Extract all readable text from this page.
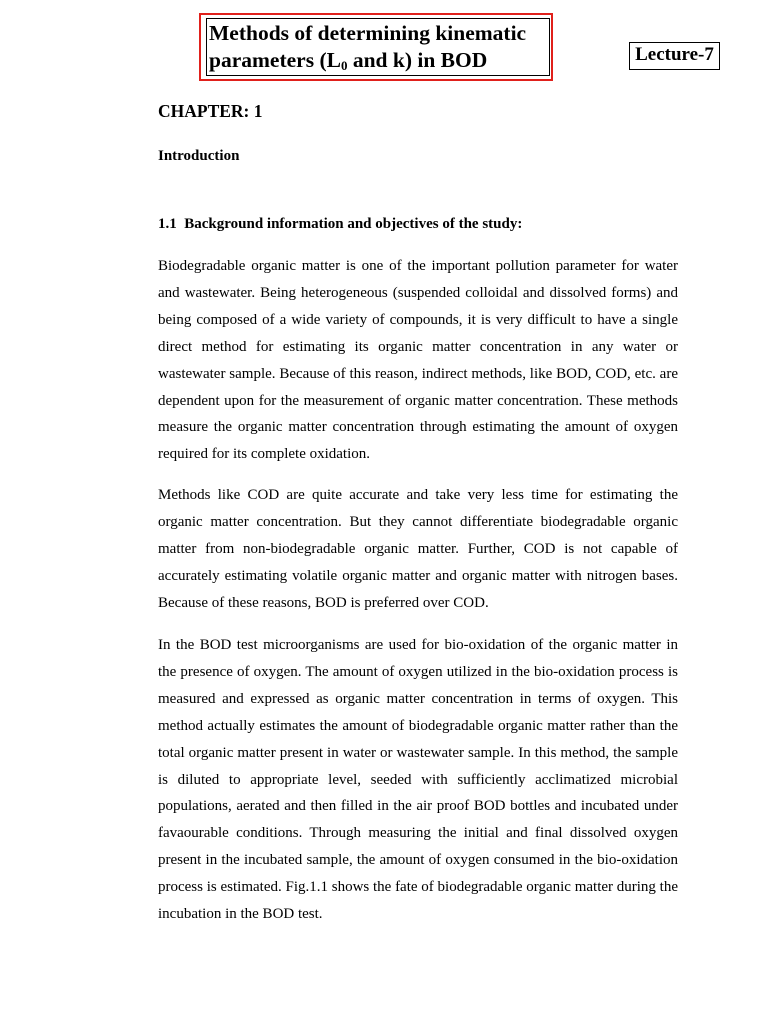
Methods of determining kinematic
parameters ($L_0$ and k) in BOD	Lecture-7
CHAPTER: 1
Introduction
1.1 Background information and objectives of the study:

Biodegradable organic matter is one of the important pollution parameter for water and wastewater. Being heterogeneous (suspended colloidal and dissolved forms) and being composed of a wide variety of compounds, it is very difficult to have a single direct method for estimating its organic matter concentration in any water or wastewater sample. Because of this reason, indirect methods, like BOD, COD, etc. are dependent upon for the measurement of organic matter concentration. These methods measure the organic matter concentration through estimating the amount of oxygen required for its complete oxidation.

Methods like COD are quite accurate and take very less time for estimating the organic matter concentration. But they cannot differentiate biodegradable organic matter from non-biodegradable organic matter. Further, COD is not capable of accurately estimating volatile organic matter and organic matter with nitrogen bases. Because of these reasons, BOD is preferred over COD.

In the BOD test microorganisms are used for bio-oxidation of the organic matter in the presence of oxygen. The amount of oxygen utilized in the bio-oxidation process is measured and expressed as organic matter concentration in terms of oxygen. This method actually estimates the amount of biodegradable organic matter rather than the total organic matter present in water or wastewater sample. In this method, the sample is diluted to appropriate level, seeded with sufficiently acclimatized microbial populations, aerated and then filled in the air proof BOD bottles and incubated under favaourable conditions. Through measuring the initial and final dissolved oxygen present in the incubated sample, the amount of oxygen consumed in the bio-oxidation process is estimated. Fig.1.1 shows the fate of biodegradable organic matter during the incubation in the BOD test.
